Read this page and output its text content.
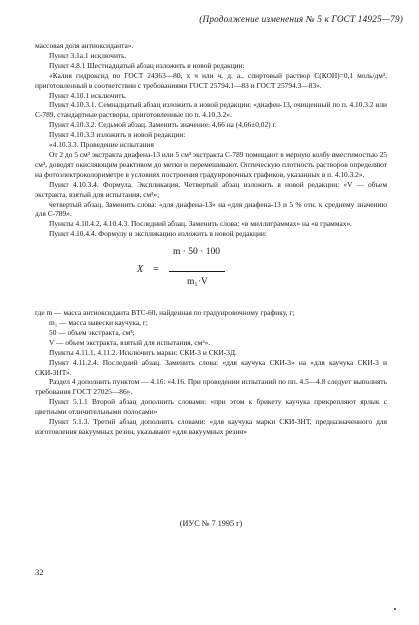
(Продолжение изменения № 5 к ГОСТ 14925—79)

массовая доля антиоксиданта».

Пункт 3.1а.1 исключить.

Пункт 4.8.1 Шестнадцатый абзац изложить в новой редакции:

«Калия гидроксид по ГОСТ 24363—80, х ч или ч. д. а., спиртовый раствор С(КОН)=0,1 моль/дм³, приготовленный в соответствии с требованиями ГОСТ 25794.1—83 и ГОСТ 25794.3—83».

Пункт 4.10.1 исключить.

Пункт 4.10.3.1. Семнадцатый абзац изложить в новой редакции: «диафен-13, очищенный по п. 4.10.3.2 или С-789, стандартные растворы, приготовленные по п. 4.10.3.2».

Пункт 4.10.3.2. Седьмой абзац. Заменить значение: 4,66 на (4,66±0,02) г.

Пункт 4.10.3.3 изложить в новой редакции:

«4.10.3.3. Проведение испытания

От 2 до 5 см³ экстракта диафена-13 или 5 см³ экстракта С-789 помещают в мерную колбу вместимостью 25 см³, доводят окисляющим реактивом до метки и перемешивают. Оптическую плотность растворов определяют на фотоэлектроколориметре в условиях построения градуировочных графиков, указанных в п. 4.10.3.2».

Пункт 4.10.3.4. Формула. Экспликация. Четвертый абзац изложить в новой редакции: «V — объем экстракта, взятый для испытания, см³»;

четвертый абзац. Заменить слова: «для диафена-13» на «для диафена-13 и 5 % отн. к среднему значению для С-789».

Пункты 4.10.4.2, 4.10.4.3. Последний абзац. Заменить слова: «в миллиграммах» на «в граммах».

Пункт 4.10.4.4. Формулу и экспликацию изложить в новой редакции:

X =
m · 50 · 100
m₁·V

где m — масса антиоксиданта ВТС-60, найденная по градуировочному графику, г;

m₁ — масса навески каучука, г;

50 — объем экстракта, см³;

V — объем экстракта, взятый для испытания, см³».

Пункты 4.11.1, 4.11.2. Исключить марки: СКИ-3 и СКИ-3Д.

Пункт 4.11.2.4. Последний абзац. Заменить слова: «для каучука СКИ-3» на «для каучука СКИ-3 и СКИ-3НТ».

Раздел 4 дополнить пунктом — 4.16: «4.16. При проведении испытаний по пп. 4.5—4.8 следует выполнять требования ГОСТ 27025—86».

Пункт 5.1.1 Второй абзац дополнить словами: «при этом к брикету каучука прикрепляют ярлык с цветными отличительными полосами»

Пункт 5.1.3. Третий абзац дополнить словами: «для каучука марки СКИ-3НТ, предназначенного для изготовления вакуумных резин, указывают «для вакуумных резин»

(ИУС № 7 1995 г)
32
